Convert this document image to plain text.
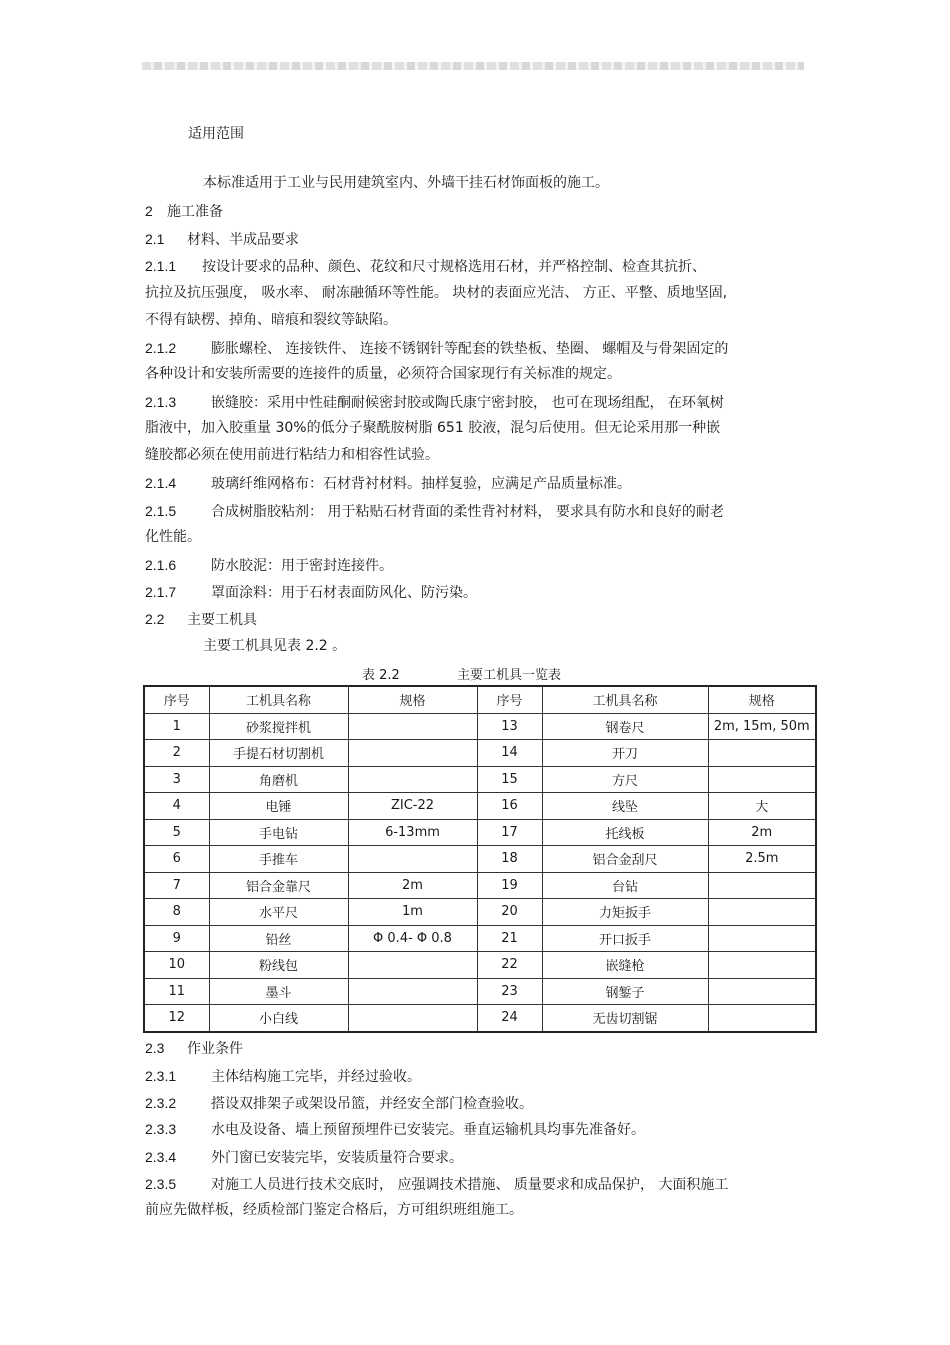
适用范围
本标准适用于工业与民用建筑室内、外墙干挂石材饰面板的施工。
2 施工准备
2.1 材料、半成品要求
2.1.1 按设计要求的品种、颜色、花纹和尺寸规格选用石材，并严格控制、检查其抗折、
抗拉及抗压强度， 吸水率、 耐冻融循环等性能。 块材的表面应光洁、 方正、平整、质地坚固,
不得有缺楞、掉角、暗痕和裂纹等缺陷。
2.1.2 膨胀螺栓、 连接铁件、 连接不锈钢针等配套的铁垫板、垫圈、 螺帽及与骨架固定的
各种设计和安装所需要的连接件的质量，必须符合国家现行有关标准的规定。
2.1.3 嵌缝胶：采用中性硅酮耐候密封胶或陶氏康宁密封胶， 也可在现场组配， 在环氧树
脂液中，加入胶重量 30%的低分子聚酰胺树脂 651 胶液，混匀后使用。但无论采用那一种嵌
缝胶都必须在使用前进行粘结力和相容性试验。
2.1.4 玻璃纤维网格布：石材背衬材料。抽样复验，应满足产品质量标准。
2.1.5 合成树脂胶粘剂： 用于粘贴石材背面的柔性背衬材料， 要求具有防水和良好的耐老
化性能。
2.1.6 防水胶泥：用于密封连接件。
2.1.7 罩面涂料：用于石材表面防风化、防污染。
2.2 主要工机具
主要工机具见表 2.2 。
表 2.2	主要工机具一览表
序号	工机具名称	规格	序号	工机具名称	规格
1	砂浆搅拌机		13	钢卷尺	2m, 15m, 50m
2	手提石材切割机		14	开刀	
3	角磨机		15	方尺	
4	电锤	ZIC-22	16	线坠	大
5	手电钻	6-13mm	17	托线板	2m
6	手推车		18	铝合金刮尺	2.5m
7	铝合金靠尺	2m	19	台钻	
8	水平尺	1m	20	力矩扳手	
9	铅丝	Φ 0.4- Φ 0.8	21	开口扳手	
10	粉线包		22	嵌缝枪	
11	墨斗		23	钢錾子	
12	小白线		24	无齿切割锯	
2.3 作业条件
2.3.1 主体结构施工完毕，并经过验收。
2.3.2 搭设双排架子或架设吊篮，并经安全部门检查验收。
2.3.3 水电及设备、墙上预留预埋件已安装完。垂直运输机具均事先准备好。
2.3.4 外门窗已安装完毕，安装质量符合要求。
2.3.5 对施工人员进行技术交底时， 应强调技术措施、 质量要求和成品保护， 大面积施工
前应先做样板，经质检部门鉴定合格后，方可组织班组施工。
